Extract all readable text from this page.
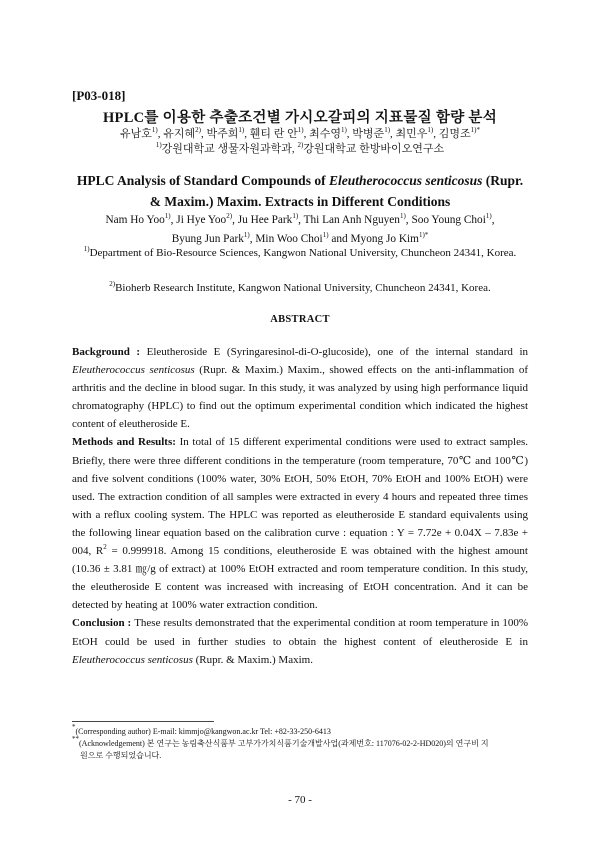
[P03-018]
HPLC를 이용한 추출조건별 가시오갈피의 지표물질 함량 분석
유남호$^{1)}$, 유지혜$^{2)}$, 박주희$^{1)}$, 휀티 란 안$^{1)}$, 최수영$^{1)}$, 박병준$^{1)}$, 최민우$^{1)}$, 김명조$^{1)*}$
$^{1)}$강원대학교 생물자원과학과, $^{2)}$강원대학교 한방바이오연구소
HPLC Analysis of Standard Compounds of Eleutherococcus senticosus (Rupr. & Maxim.) Maxim. Extracts in Different Conditions
Nam Ho Yoo$^{1)}$, Ji Hye Yoo$^{2)}$, Ju Hee Park$^{1)}$, Thi Lan Anh Nguyen$^{1)}$, Soo Young Choi$^{1)}$,
Byung Jun Park$^{1)}$, Min Woo Choi$^{1)}$ and Myong Jo Kim$^{1)*}$
$^{1)}$Department of Bio-Resource Sciences, Kangwon National University, Chuncheon 24341, Korea.
$^{2)}$Bioherb Research Institute, Kangwon National University, Chuncheon 24341, Korea.
ABSTRACT

Background : Eleutheroside E (Syringaresinol-di-O-glucoside), one of the internal standard in Eleutherococcus senticosus (Rupr. & Maxim.) Maxim., showed effects on the anti-inflammation of arthritis and the decline in blood sugar. In this study, it was analyzed by using high performance liquid chromatography (HPLC) to find out the optimum experimental condition which indicated the highest content of eleutheroside E.

Methods and Results: In total of 15 different experimental conditions were used to extract samples. Briefly, there were three different conditions in the temperature (room temperature, 70℃ and 100℃) and five solvent conditions (100% water, 30% EtOH, 50% EtOH, 70% EtOH and 100% EtOH) were used. The extraction condition of all samples were extracted in every 4 hours and repeated three times with a reflux cooling system. The HPLC was reported as eleutheroside E standard equivalents using the following linear equation based on the calibration curve : equation : Y = 7.72e + 0.04X – 7.83e + 004, $R^2 = 0.999918$. Among 15 conditions, eleutheroside E was obtained with the highest amount (10.36 ± 3.81 ㎎/g of extract) at 100% EtOH extracted and room temperature condition. In this study, the eleutheroside E content was increased with increasing of EtOH concentration. And it can be detected by heating at 100% water extraction condition.

Conclusion : These results demonstrated that the experimental condition at room temperature in 100% EtOH could be used in further studies to obtain the highest content of eleutheroside E in Eleutherococcus senticosus (Rupr. & Maxim.) Maxim.

*(Corresponding author) E-mail: kimmjo@kangwon.ac.kr Tel: +82-33-250-6413

**(Acknowledgement) 본 연구는 농림축산식품부 고부가가치식품기술개발사업(과제번호: 117076-02-2-HD020)의 연구비 지

원으로 수행되었습니다.

- 70 -
